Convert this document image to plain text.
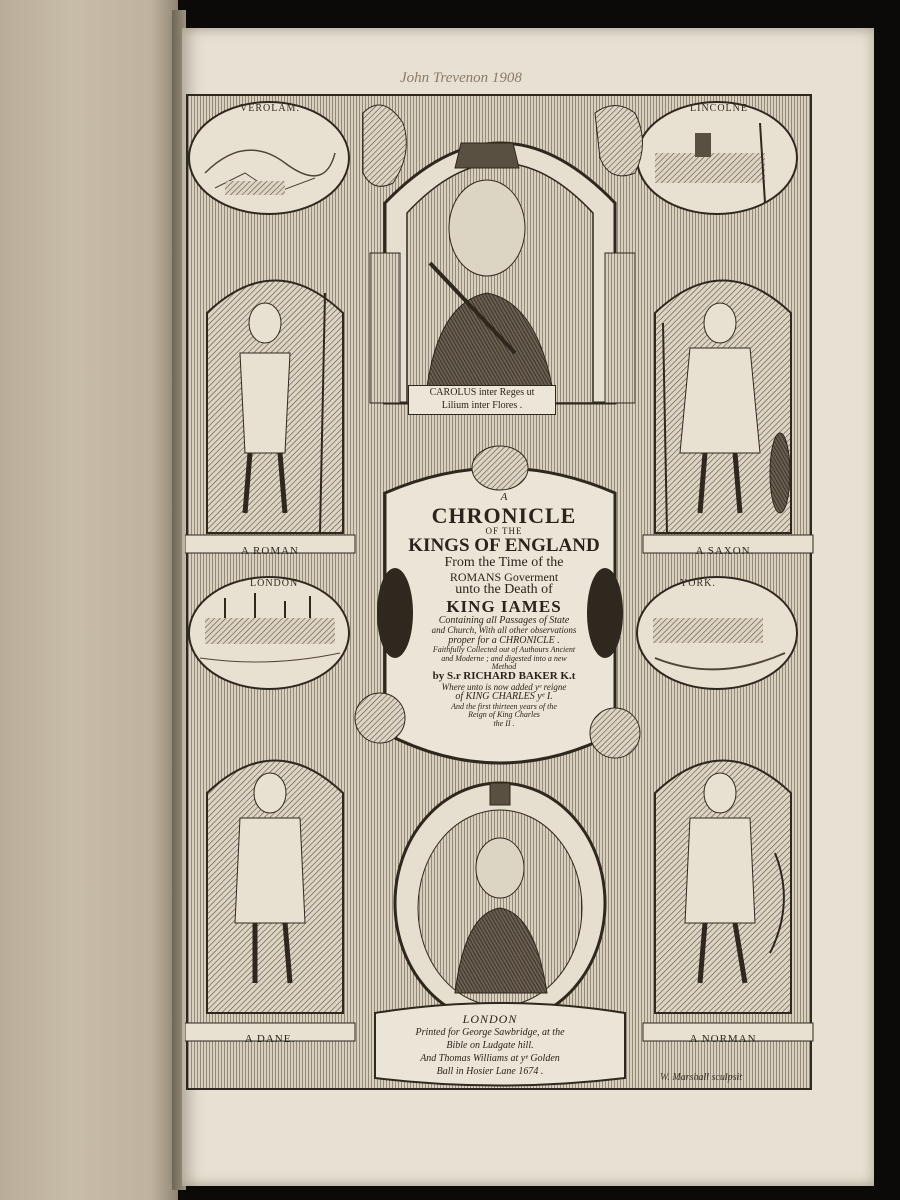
John Trevenon 1908
VEROLAM.	LINCOLNE
LONDON	YORK.
A ROMAN	A SAXON.
A DANE.	A NORMAN.
CAROLUS inter Reges ut
Lilium inter Flores .
A
CHRONICLE
OF THE
KINGS OF ENGLAND
From the Time of the
ROMANS Goverment
unto the Death of
KING IAMES
Containing all Passages of State
and Church, With all other observations
proper for a CHRONICLE .
Faithfully Collected out of Authours Ancient
and Moderne ; and digested into a new
Method
by S.r RICHARD BAKER K.t
Where unto is now added yᵉ reigne
of KING CHARLES yᵉ I.
And the first thirteen years of the
Reign of King Charles
the II .
LONDON
Printed for George Sawbridge, at the
Bible on Ludgate hill.
And Thomas Williams at yᵉ Golden
Ball in Hosier Lane 1674 .
W. Marshall sculpsit
